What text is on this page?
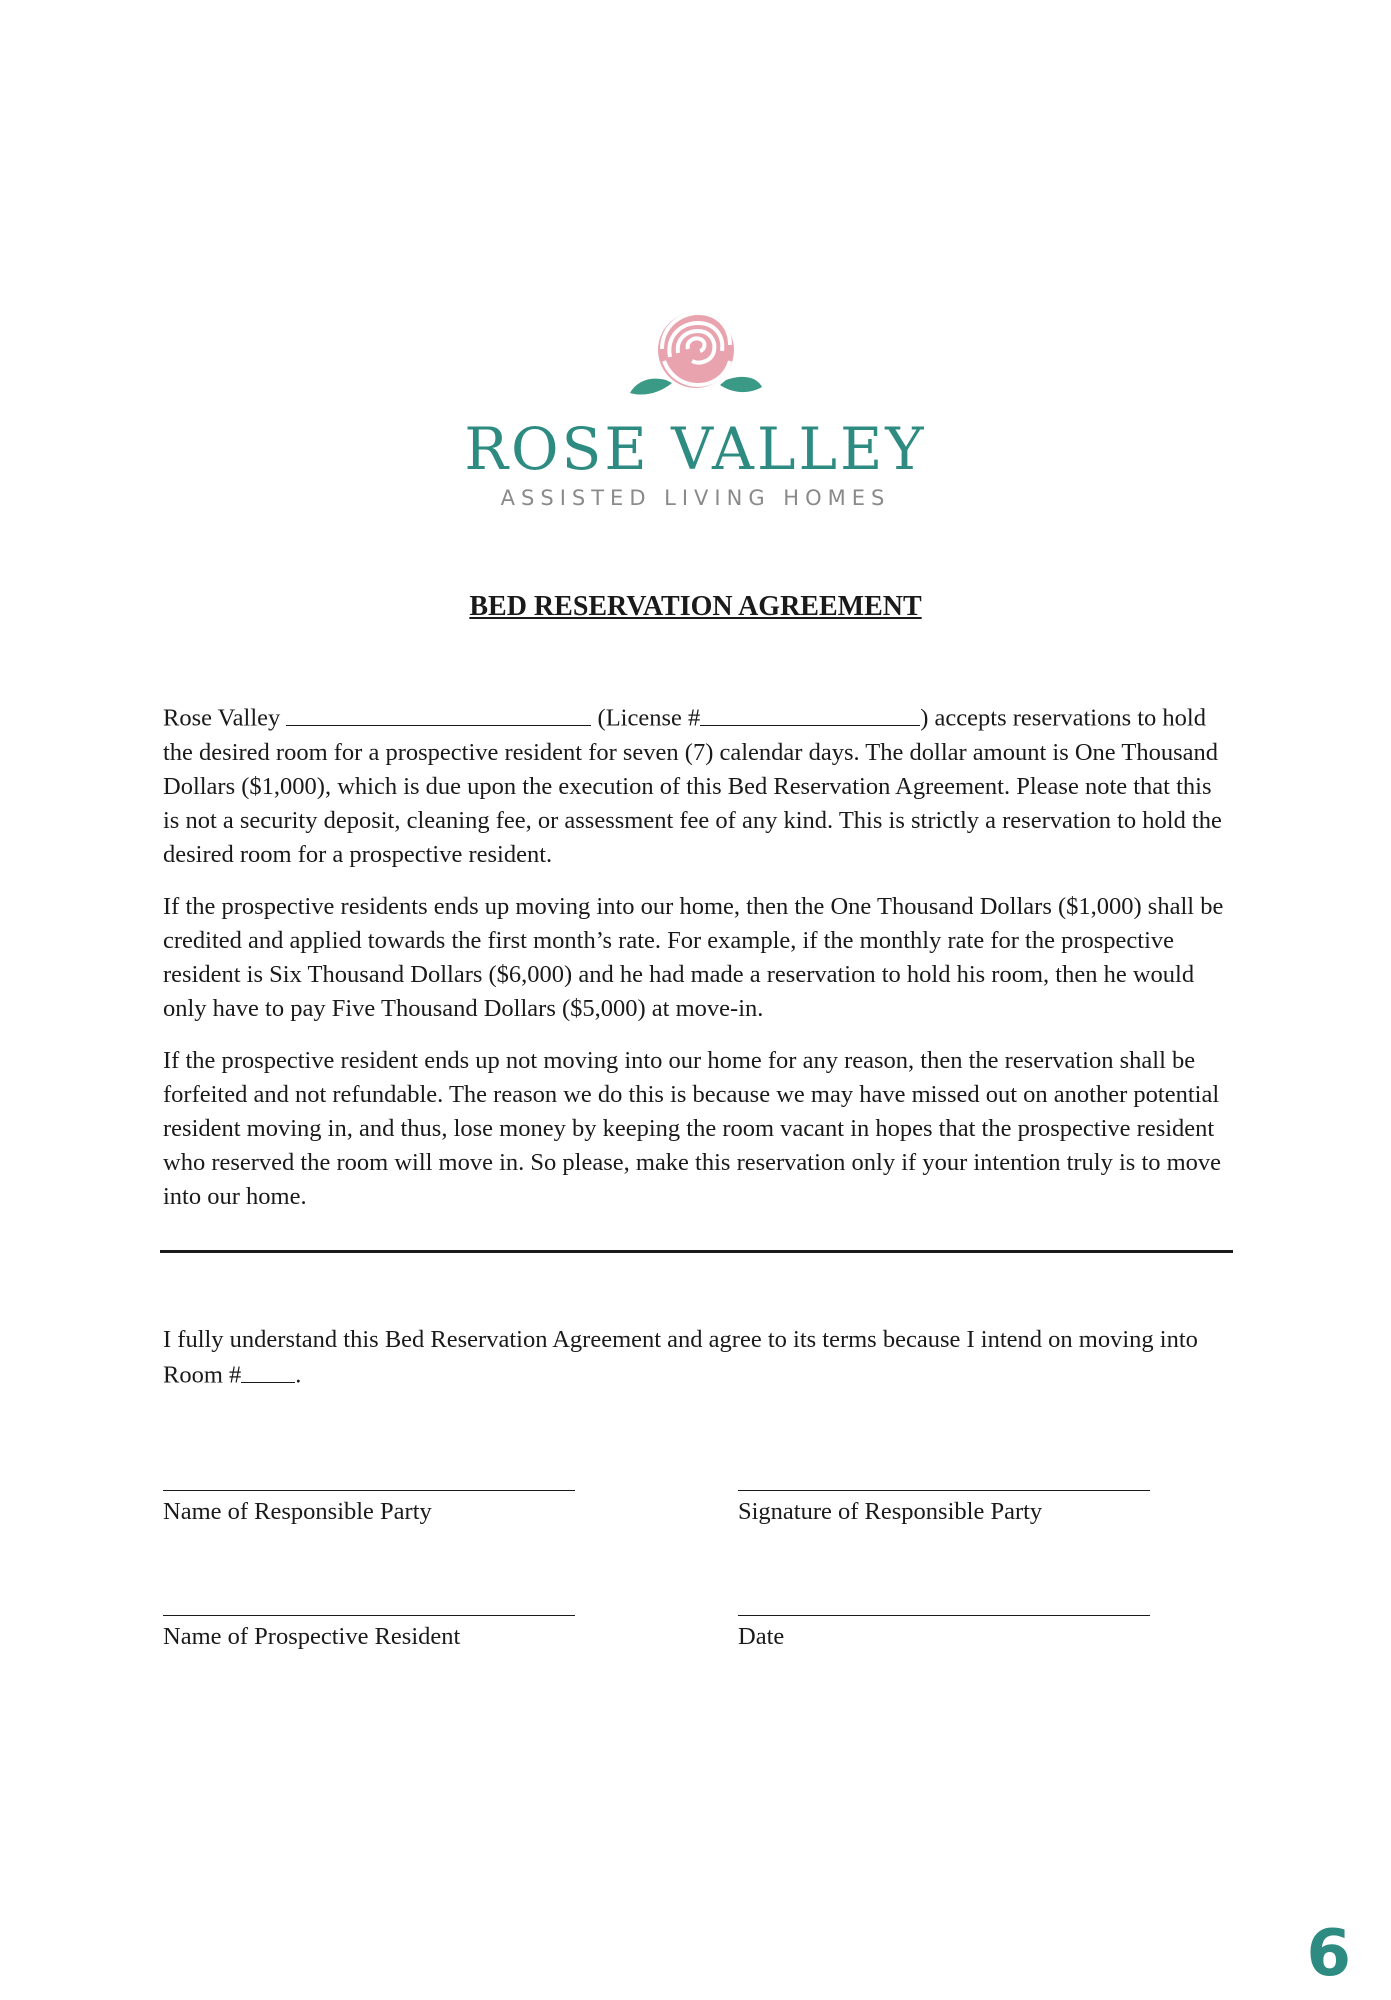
ROSE VALLEY
ASSISTED LIVING HOMES
BED RESERVATION AGREEMENT

Rose Valley	(License #	) accepts reservations to hold the desired room for a prospective resident for seven (7) calendar days. The dollar amount is One Thousand Dollars ($1,000), which is due upon the execution of this Bed Reservation Agreement. Please note that this is not a security deposit, cleaning fee, or assessment fee of any kind. This is strictly a reservation to hold the desired room for a prospective resident.

If the prospective residents ends up moving into our home, then the One Thousand Dollars ($1,000) shall be credited and applied towards the first month’s rate. For example, if the monthly rate for the prospective resident is Six Thousand Dollars ($6,000) and he had made a reservation to hold his room, then he would only have to pay Five Thousand Dollars ($5,000) at move-in.

If the prospective resident ends up not moving into our home for any reason, then the reservation shall be forfeited and not refundable. The reason we do this is because we may have missed out on another potential resident moving in, and thus, lose money by keeping the room vacant in hopes that the prospective resident who reserved the room will move in. So please, make this reservation only if your intention truly is to move into our home.

I fully understand this Bed Reservation Agreement and agree to its terms because I intend on moving into Room # .
Name of Responsible Party	Signature of Responsible Party
Name of Prospective Resident	Date
6
